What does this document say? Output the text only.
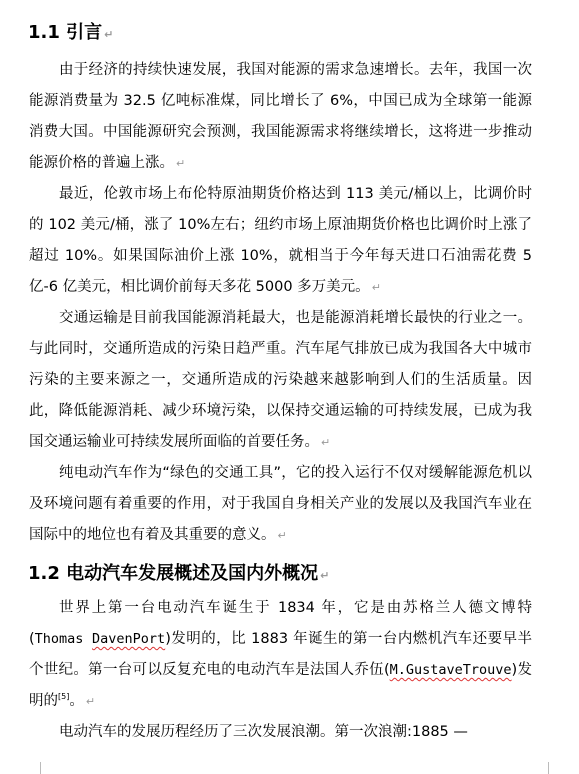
1.1 引言 ↵
由于经济的持续快速发展，我国对能源的需求急速增长。去年，我国一次能源消费量为 32.5 亿吨标准煤，同比增长了 6%，中国已成为全球第一能源消费大国。中国能源研究会预测，我国能源需求将继续增长，这将进一步推动能源价格的普遍上涨。 ↵
最近，伦敦市场上布伦特原油期货价格达到 113 美元/桶以上，比调价时的 102 美元/桶，涨了 10%左右；纽约市场上原油期货价格也比调价时上涨了超过 10%。如果国际油价上涨 10%，就相当于今年每天进口石油需花费 5 亿-6 亿美元，相比调价前每天多花 5000 多万美元。 ↵
交通运输是目前我国能源消耗最大，也是能源消耗增长最快的行业之一。与此同时，交通所造成的污染日趋严重。汽车尾气排放已成为我国各大中城市污染的主要来源之一，交通所造成的污染越来越影响到人们的生活质量。因此，降低能源消耗、减少环境污染，以保持交通运输的可持续发展，已成为我国交通运输业可持续发展所面临的首要任务。 ↵
纯电动汽车作为“绿色的交通工具”，它的投入运行不仅对缓解能源危机以及环境问题有着重要的作用，对于我国自身相关产业的发展以及我国汽车业在国际中的地位也有着及其重要的意义。 ↵
1.2 电动汽车发展概述及国内外概况 ↵
世界上第一台电动汽车诞生于 1834 年，它是由苏格兰人德文博特(Thomas DavenPort)发明的，比 1883 年诞生的第一台内燃机汽车还要早半个世纪。第一台可以反复充电的电动汽车是法国人乔伍(M.GustaveTrouve)发明的[5]。 ↵
电动汽车的发展历程经历了三次发展浪潮。第一次浪潮:1885 —
